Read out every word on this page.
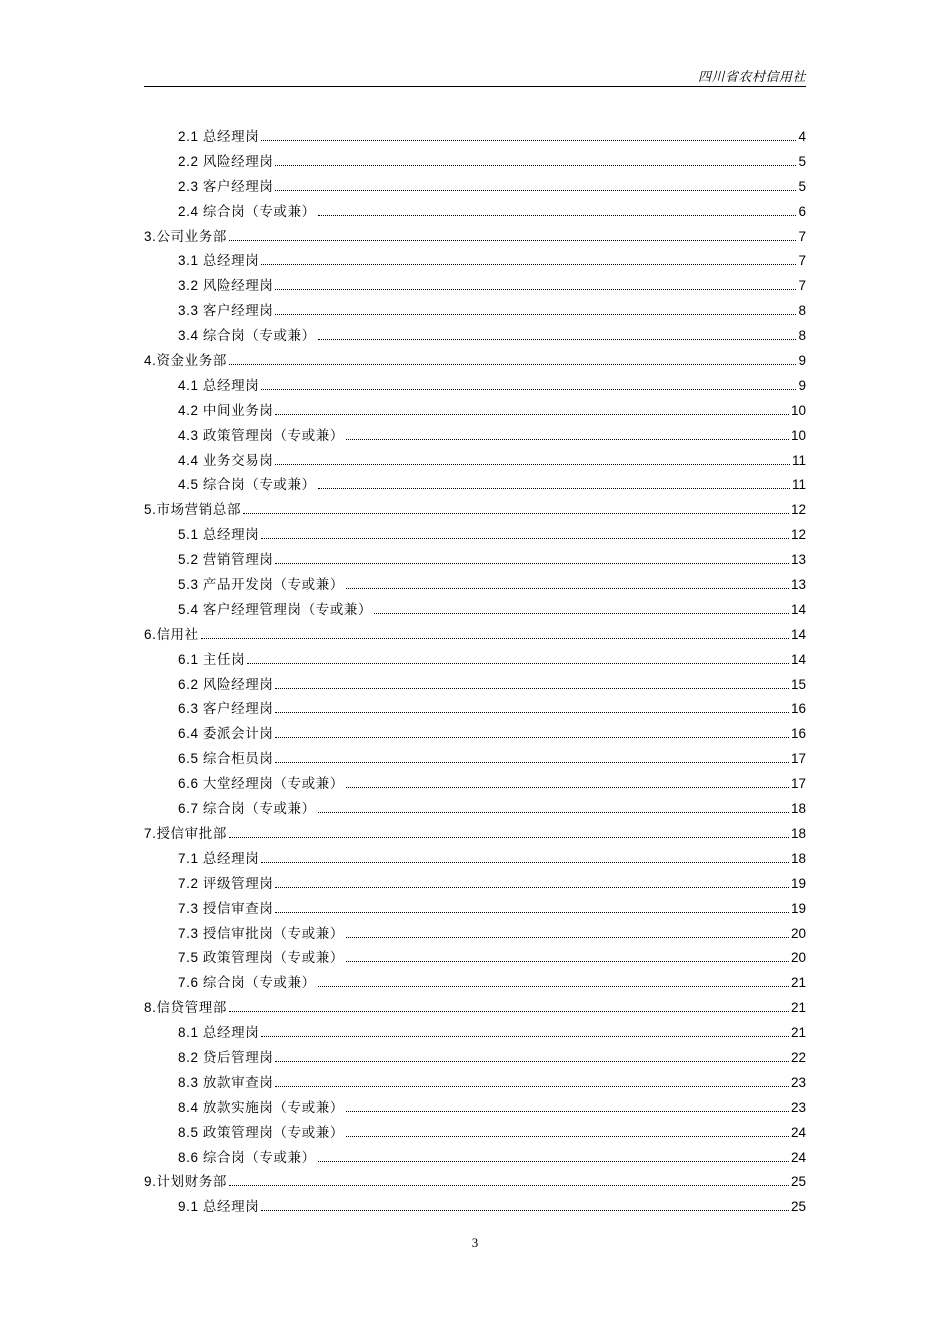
四川省农村信用社
2.1 总经理岗	4
2.2 风险经理岗	5
2.3 客户经理岗	5
2.4 综合岗（专或兼）	6
3.公司业务部	7
3.1 总经理岗	7
3.2 风险经理岗	7
3.3 客户经理岗	8
3.4 综合岗（专或兼）	8
4.资金业务部	9
4.1 总经理岗	9
4.2 中间业务岗	10
4.3 政策管理岗（专或兼）	10
4.4 业务交易岗	11
4.5 综合岗（专或兼）	11
5.市场营销总部	12
5.1 总经理岗	12
5.2 营销管理岗	13
5.3 产品开发岗（专或兼）	13
5.4 客户经理管理岗（专或兼）	14
6.信用社	14
6.1 主任岗	14
6.2 风险经理岗	15
6.3 客户经理岗	16
6.4 委派会计岗	16
6.5 综合柜员岗	17
6.6 大堂经理岗（专或兼）	17
6.7 综合岗（专或兼）	18
7.授信审批部	18
7.1 总经理岗	18
7.2 评级管理岗	19
7.3 授信审查岗	19
7.3 授信审批岗（专或兼）	20
7.5 政策管理岗（专或兼）	20
7.6 综合岗（专或兼）	21
8.信贷管理部	21
8.1 总经理岗	21
8.2 贷后管理岗	22
8.3 放款审查岗	23
8.4 放款实施岗（专或兼）	23
8.5 政策管理岗（专或兼）	24
8.6 综合岗（专或兼）	24
9.计划财务部	25
9.1 总经理岗	25
3
